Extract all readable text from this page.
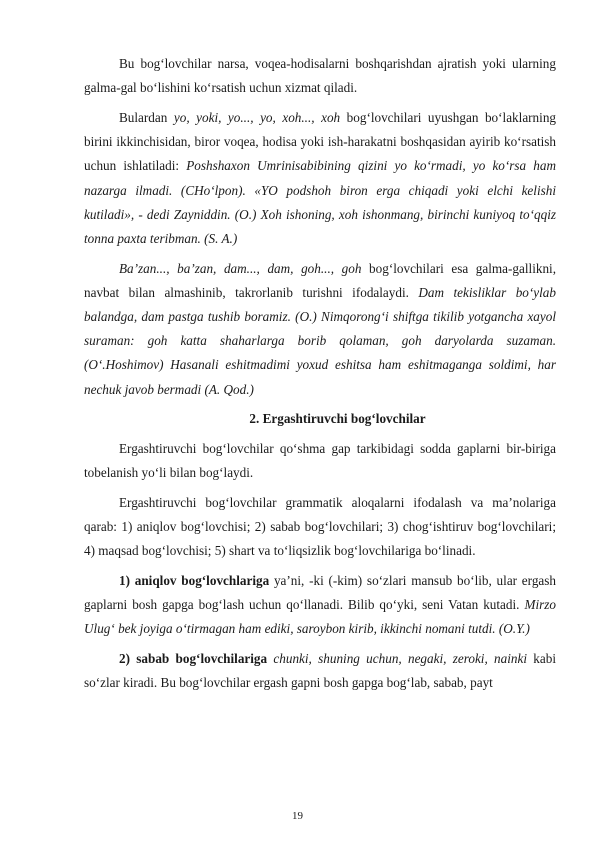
Bu bog‘lovchilar narsa, voqea-hodisalarni boshqarishdan ajratish yoki ularning galma-gal bo‘lishini ko‘rsatish uchun xizmat qiladi.

Bulardan yo, yoki, yo..., yo, xoh..., xoh bog‘lovchilari uyushgan bo‘laklarning birini ikkinchisidan, biror voqea, hodisa yoki ish-harakatni boshqasidan ayirib ko‘rsatish uchun ishlatiladi: Poshshaxon Umrinisabibining qizini yo ko‘rmadi, yo ko‘rsa ham nazarga ilmadi. (CHo‘lpon). «YO podshoh biron erga chiqadi yoki elchi kelishi kutiladi», - dedi Zayniddin. (O.) Xoh ishoning, xoh ishonmang, birinchi kuniyoq to‘qqiz tonna paxta teribman. (S. A.)

Ba’zan..., ba’zan, dam..., dam, goh..., goh bog‘lovchilari esa galma-gallikni, navbat bilan almashinib, takrorlanib turishni ifodalaydi. Dam tekisliklar bo‘ylab balandga, dam pastga tushib boramiz. (O.) Nimqorong‘i shiftga tikilib yotgancha xayol suraman: goh katta shaharlarga borib qolaman, goh daryolarda suzaman. (O‘.Hoshimov) Hasanali eshitmadimi yoxud eshitsa ham eshitmaganga soldimi, har nechuk javob bermadi (A. Qod.)

2. Ergashtiruvchi bog‘lovchilar

Ergashtiruvchi bog‘lovchilar qo‘shma gap tarkibidagi sodda gaplarni bir-biriga tobelanish yo‘li bilan bog‘laydi.

Ergashtiruvchi bog‘lovchilar grammatik aloqalarni ifodalash va ma’nolariga qarab: 1) aniqlov bog‘lovchisi; 2) sabab bog‘lovchilari; 3) chog‘ishtiruv bog‘lovchilari; 4) maqsad bog‘lovchisi; 5) shart va to‘liqsizlik bog‘lovchilariga bo‘linadi.

1) aniqlov bog‘lovchlariga ya’ni, -ki (-kim) so‘zlari mansub bo‘lib, ular ergash gaplarni bosh gapga bog‘lash uchun qo‘llanadi. Bilib qo‘yki, seni Vatan kutadi. Mirzo Ulug‘ bek joyiga o‘tirmagan ham ediki, saroybon kirib, ikkinchi nomani tutdi. (O.Y.)

2) sabab bog‘lovchilariga chunki, shuning uchun, negaki, zeroki, nainki kabi so‘zlar kiradi. Bu bog‘lovchilar ergash gapni bosh gapga bog‘lab, sabab, payt

19
